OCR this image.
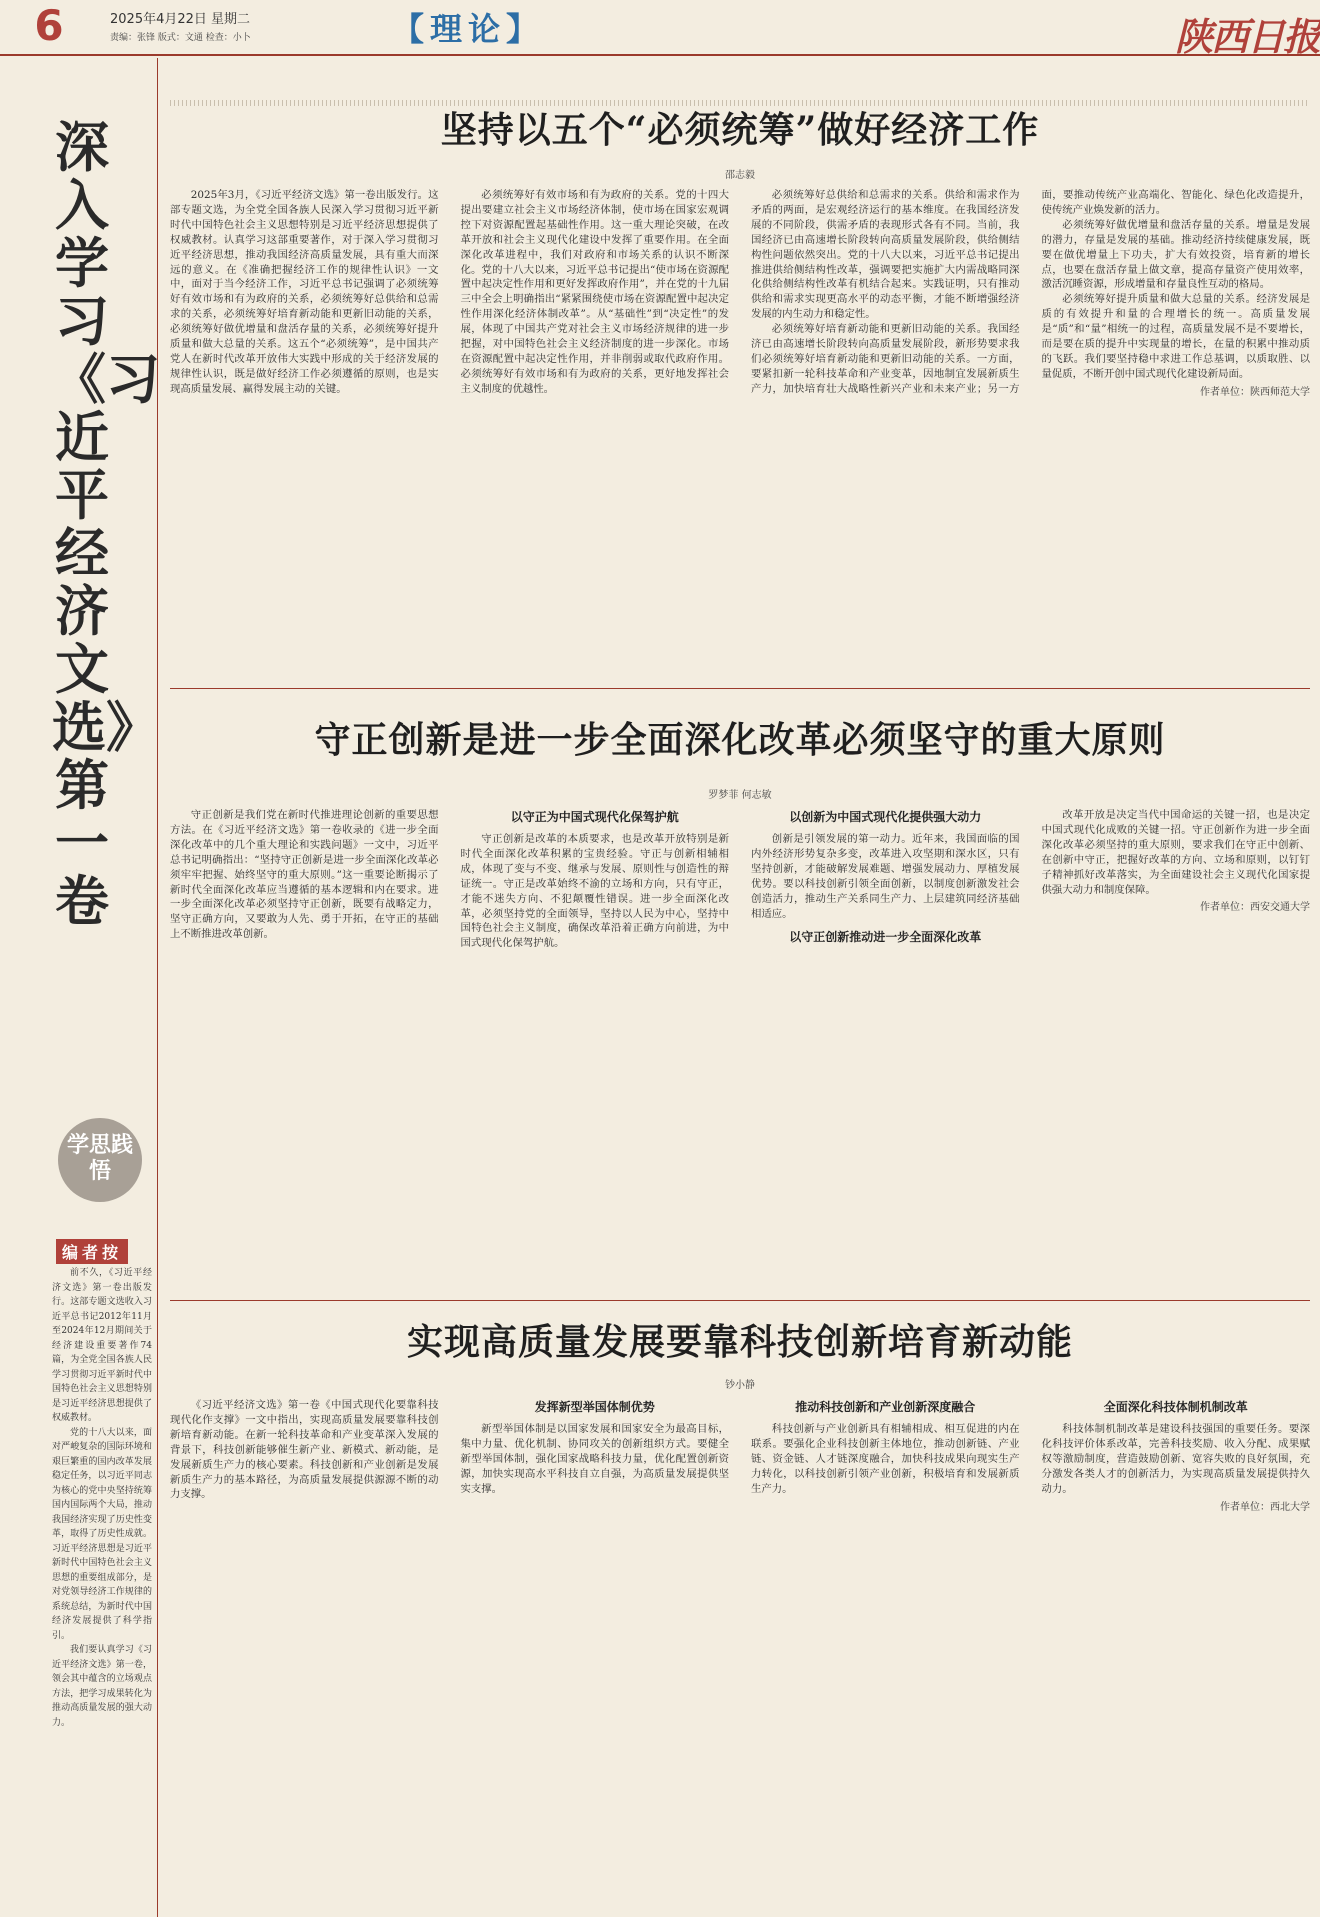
6	2025年4月22日 星期二
责编：张锋 版式：文通 检查：小卜	【理论】	陕西日报
深入学习《习近平经济文选》第一卷
学思践悟
编者按

前不久，《习近平经济文选》第一卷出版发行。这部专题文选收入习近平总书记2012年11月至2024年12月期间关于经济建设重要著作74篇，为全党全国各族人民学习贯彻习近平新时代中国特色社会主义思想特别是习近平经济思想提供了权威教材。

党的十八大以来，面对严峻复杂的国际环境和艰巨繁重的国内改革发展稳定任务，以习近平同志为核心的党中央坚持统筹国内国际两个大局，推动我国经济实现了历史性变革，取得了历史性成就。习近平经济思想是习近平新时代中国特色社会主义思想的重要组成部分，是对党领导经济工作规律的系统总结，为新时代中国经济发展提供了科学指引。

我们要认真学习《习近平经济文选》第一卷，领会其中蕴含的立场观点方法，把学习成果转化为推动高质量发展的强大动力。

坚持以五个“必须统筹”做好经济工作
邵志毅

2025年3月，《习近平经济文选》第一卷出版发行。这部专题文选，为全党全国各族人民深入学习贯彻习近平新时代中国特色社会主义思想特别是习近平经济思想提供了权威教材。认真学习这部重要著作，对于深入学习贯彻习近平经济思想，推动我国经济高质量发展，具有重大而深远的意义。在《准确把握经济工作的规律性认识》一文中，面对于当今经济工作，习近平总书记强调了必须统筹好有效市场和有为政府的关系，必须统筹好总供给和总需求的关系，必须统筹好培育新动能和更新旧动能的关系，必须统筹好做优增量和盘活存量的关系，必须统筹好提升质量和做大总量的关系。这五个“必须统筹”，是中国共产党人在新时代改革开放伟大实践中形成的关于经济发展的规律性认识，既是做好经济工作必须遵循的原则，也是实现高质量发展、赢得发展主动的关键。

必须统筹好有效市场和有为政府的关系。党的十四大提出要建立社会主义市场经济体制，使市场在国家宏观调控下对资源配置起基础性作用。这一重大理论突破，在改革开放和社会主义现代化建设中发挥了重要作用。在全面深化改革进程中，我们对政府和市场关系的认识不断深化。党的十八大以来，习近平总书记提出“使市场在资源配置中起决定性作用和更好发挥政府作用”，并在党的十九届三中全会上明确指出“紧紧围绕使市场在资源配置中起决定性作用深化经济体制改革”。从“基础性”到“决定性”的发展，体现了中国共产党对社会主义市场经济规律的进一步把握，对中国特色社会主义经济制度的进一步深化。市场在资源配置中起决定性作用，并非削弱或取代政府作用。必须统筹好有效市场和有为政府的关系，更好地发挥社会主义制度的优越性。

必须统筹好总供给和总需求的关系。供给和需求作为矛盾的两面，是宏观经济运行的基本维度。在我国经济发展的不同阶段，供需矛盾的表现形式各有不同。当前，我国经济已由高速增长阶段转向高质量发展阶段，供给侧结构性问题依然突出。党的十八大以来，习近平总书记提出推进供给侧结构性改革，强调要把实施扩大内需战略同深化供给侧结构性改革有机结合起来。实践证明，只有推动供给和需求实现更高水平的动态平衡，才能不断增强经济发展的内生动力和稳定性。

必须统筹好培育新动能和更新旧动能的关系。我国经济已由高速增长阶段转向高质量发展阶段，新形势要求我们必须统筹好培育新动能和更新旧动能的关系。一方面，要紧扣新一轮科技革命和产业变革，因地制宜发展新质生产力，加快培育壮大战略性新兴产业和未来产业；另一方面，要推动传统产业高端化、智能化、绿色化改造提升，使传统产业焕发新的活力。

必须统筹好做优增量和盘活存量的关系。增量是发展的潜力，存量是发展的基础。推动经济持续健康发展，既要在做优增量上下功夫，扩大有效投资，培育新的增长点，也要在盘活存量上做文章，提高存量资产使用效率，激活沉睡资源，形成增量和存量良性互动的格局。

必须统筹好提升质量和做大总量的关系。经济发展是质的有效提升和量的合理增长的统一。高质量发展是“质”和“量”相统一的过程，高质量发展不是不要增长，而是要在质的提升中实现量的增长，在量的积累中推动质的飞跃。我们要坚持稳中求进工作总基调，以质取胜、以量促质，不断开创中国式现代化建设新局面。

作者单位：陕西师范大学

守正创新是进一步全面深化改革必须坚守的重大原则
罗梦菲 何志敏

守正创新是我们党在新时代推进理论创新的重要思想方法。在《习近平经济文选》第一卷收录的《进一步全面深化改革中的几个重大理论和实践问题》一文中，习近平总书记明确指出：“坚持守正创新是进一步全面深化改革必须牢牢把握、始终坚守的重大原则。”这一重要论断揭示了新时代全面深化改革应当遵循的基本逻辑和内在要求。进一步全面深化改革必须坚持守正创新，既要有战略定力，坚守正确方向，又要敢为人先、勇于开拓，在守正的基础上不断推进改革创新。

以守正为中国式现代化保驾护航

守正创新是改革的本质要求，也是改革开放特别是新时代全面深化改革积累的宝贵经验。守正与创新相辅相成，体现了变与不变、继承与发展、原则性与创造性的辩证统一。守正是改革始终不渝的立场和方向，只有守正，才能不迷失方向、不犯颠覆性错误。进一步全面深化改革，必须坚持党的全面领导，坚持以人民为中心，坚持中国特色社会主义制度，确保改革沿着正确方向前进，为中国式现代化保驾护航。

以创新为中国式现代化提供强大动力

创新是引领发展的第一动力。近年来，我国面临的国内外经济形势复杂多变，改革进入攻坚期和深水区，只有坚持创新，才能破解发展难题、增强发展动力、厚植发展优势。要以科技创新引领全面创新，以制度创新激发社会创造活力，推动生产关系同生产力、上层建筑同经济基础相适应。

以守正创新推动进一步全面深化改革

改革开放是决定当代中国命运的关键一招，也是决定中国式现代化成败的关键一招。守正创新作为进一步全面深化改革必须坚持的重大原则，要求我们在守正中创新、在创新中守正，把握好改革的方向、立场和原则，以钉钉子精神抓好改革落实，为全面建设社会主义现代化国家提供强大动力和制度保障。

作者单位：西安交通大学

实现高质量发展要靠科技创新培育新动能
钞小静

《习近平经济文选》第一卷《中国式现代化要靠科技现代化作支撑》一文中指出，实现高质量发展要靠科技创新培育新动能。在新一轮科技革命和产业变革深入发展的背景下，科技创新能够催生新产业、新模式、新动能，是发展新质生产力的核心要素。科技创新和产业创新是发展新质生产力的基本路径，为高质量发展提供源源不断的动力支撑。

发挥新型举国体制优势

新型举国体制是以国家发展和国家安全为最高目标，集中力量、优化机制、协同攻关的创新组织方式。要健全新型举国体制，强化国家战略科技力量，优化配置创新资源，加快实现高水平科技自立自强，为高质量发展提供坚实支撑。

推动科技创新和产业创新深度融合

科技创新与产业创新具有相辅相成、相互促进的内在联系。要强化企业科技创新主体地位，推动创新链、产业链、资金链、人才链深度融合，加快科技成果向现实生产力转化，以科技创新引领产业创新，积极培育和发展新质生产力。

全面深化科技体制机制改革

科技体制机制改革是建设科技强国的重要任务。要深化科技评价体系改革，完善科技奖励、收入分配、成果赋权等激励制度，营造鼓励创新、宽容失败的良好氛围，充分激发各类人才的创新活力，为实现高质量发展提供持久动力。

作者单位：西北大学
